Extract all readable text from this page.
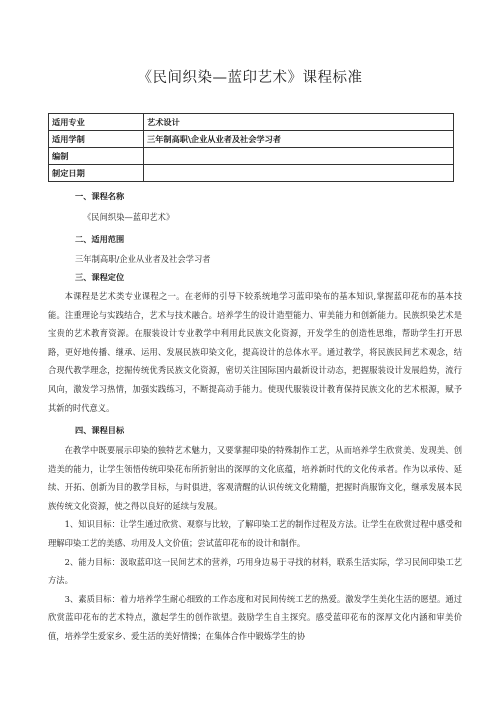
《民间织染—蓝印艺术》课程标准
适用专业	艺术设计
适用学制	三年制高职\企业从业者及社会学习者
编制	
制定日期	
一、课程名称
《民间织染—蓝印艺术》
二、适用范围
三年制高职/企业从业者及社会学习者
三、课程定位

本课程是艺术类专业课程之一。在老师的引导下较系统地学习蓝印染布的基本知识,掌握蓝印花布的基本技能。注重理论与实践结合，艺术与技术融合。培养学生的设计造型能力、审美能力和创新能力。民族织染艺术是宝贵的艺术教育资源。在服装设计专业教学中利用此民族文化资源，开发学生的创造性思维，帮助学生打开思路，更好地传播、继承、运用、发展民族印染文化，提高设计的总体水平。通过教学，将民族民间艺术观念，结合现代教学理念，挖掘传统优秀民族文化资源，密切关注国际国内最新设计动态，把握服装设计发展趋势，流行风向，激发学习热情，加强实践练习，不断提高动手能力。使现代服装设计教育保持民族文化的艺术根源，赋予其新的时代意义。

四、课程目标

在教学中既要展示印染的独特艺术魅力，又要掌握印染的特殊制作工艺，从而培养学生欣赏美、发现美、创造美的能力，让学生领悟传统印染花布所折射出的深厚的文化底蕴，培养新时代的文化传承者。作为以承传、延续、开拓、创新为目的教学目标，与时俱进，客观清醒的认识传统文化精髓，把握时尚服饰文化，继承发展本民族传统文化资源，使之得以良好的延续与发展。

1、知识目标：让学生通过欣赏、观察与比较，了解印染工艺的制作过程及方法。让学生在欣赏过程中感受和理解印染工艺的美感、功用及人文价值；尝试蓝印花布的设计和制作。

2、能力目标：汲取蓝印这一民间艺术的营养，巧用身边易于寻找的材料，联系生活实际，学习民间印染工艺方法。

3、素质目标：着力培养学生耐心细致的工作态度和对民间传统工艺的热爱。激发学生美化生活的愿望。通过欣赏蓝印花布的艺术特点，激起学生的创作欲望。鼓励学生自主探究。感受蓝印花布的深厚文化内涵和审美价值，培养学生爱家乡、爱生活的美好情操；在集体合作中锻炼学生的协
